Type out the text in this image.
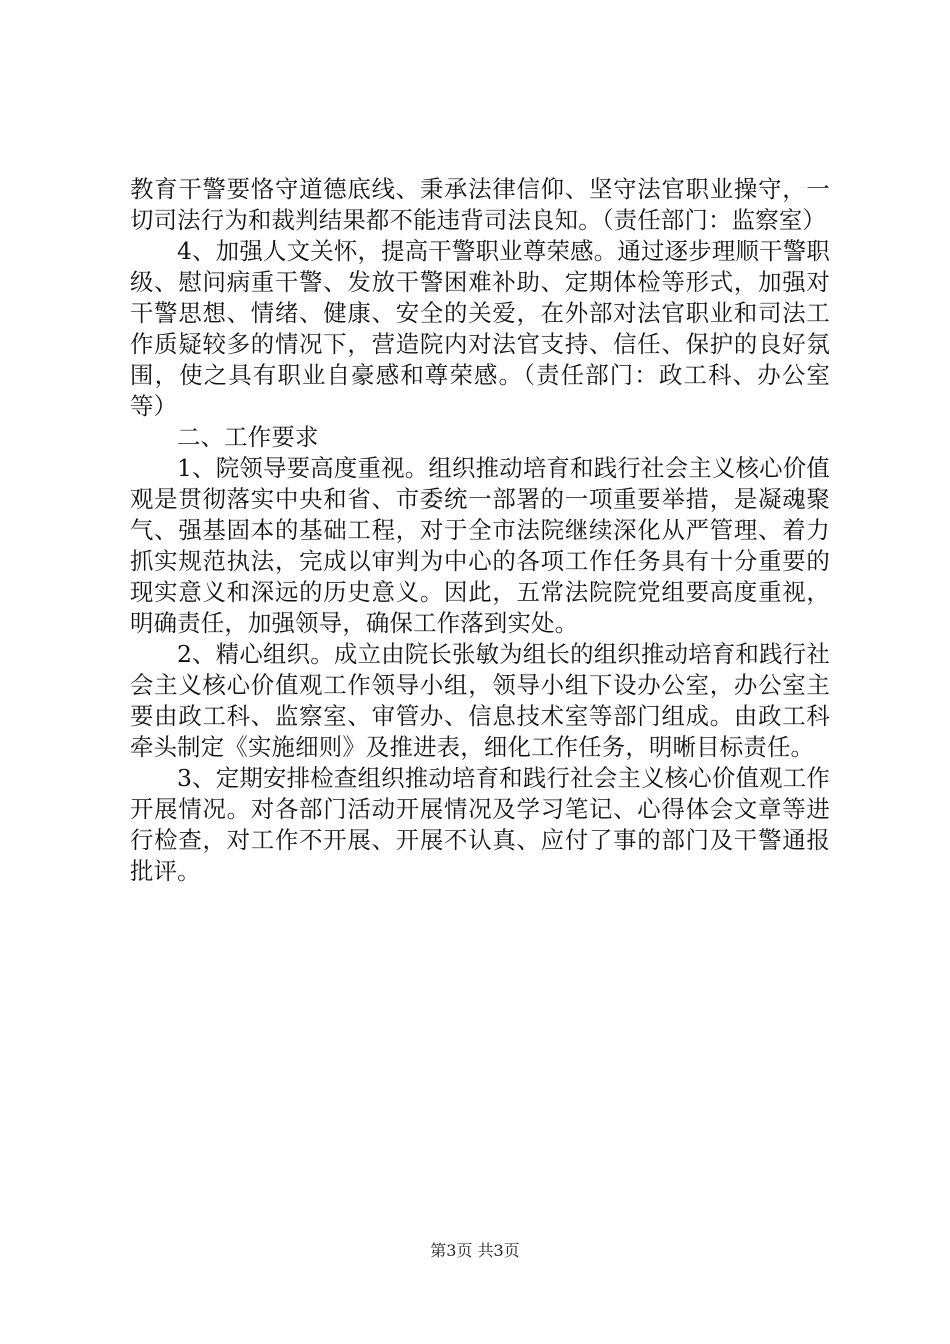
教育干警要恪守道德底线、秉承法律信仰、坚守法官职业操守，一切司法行为和裁判结果都不能违背司法良知。（责任部门：监察室）

4、加强人文关怀，提高干警职业尊荣感。通过逐步理顺干警职级、慰问病重干警、发放干警困难补助、定期体检等形式，加强对干警思想、情绪、健康、安全的关爱，在外部对法官职业和司法工作质疑较多的情况下，营造院内对法官支持、信任、保护的良好氛围，使之具有职业自豪感和尊荣感。（责任部门：政工科、办公室等）

二、工作要求

1、院领导要高度重视。组织推动培育和践行社会主义核心价值观是贯彻落实中央和省、市委统一部署的一项重要举措，是凝魂聚气、强基固本的基础工程，对于全市法院继续深化从严管理、着力抓实规范执法，完成以审判为中心的各项工作任务具有十分重要的现实意义和深远的历史意义。因此，五常法院院党组要高度重视，明确责任，加强领导，确保工作落到实处。

2、精心组织。成立由院长张敏为组长的组织推动培育和践行社会主义核心价值观工作领导小组，领导小组下设办公室，办公室主要由政工科、监察室、审管办、信息技术室等部门组成。由政工科牵头制定《实施细则》及推进表，细化工作任务，明晰目标责任。

3、定期安排检查组织推动培育和践行社会主义核心价值观工作开展情况。对各部门活动开展情况及学习笔记、心得体会文章等进行检查，对工作不开展、开展不认真、应付了事的部门及干警通报批评。

第3页 共3页
